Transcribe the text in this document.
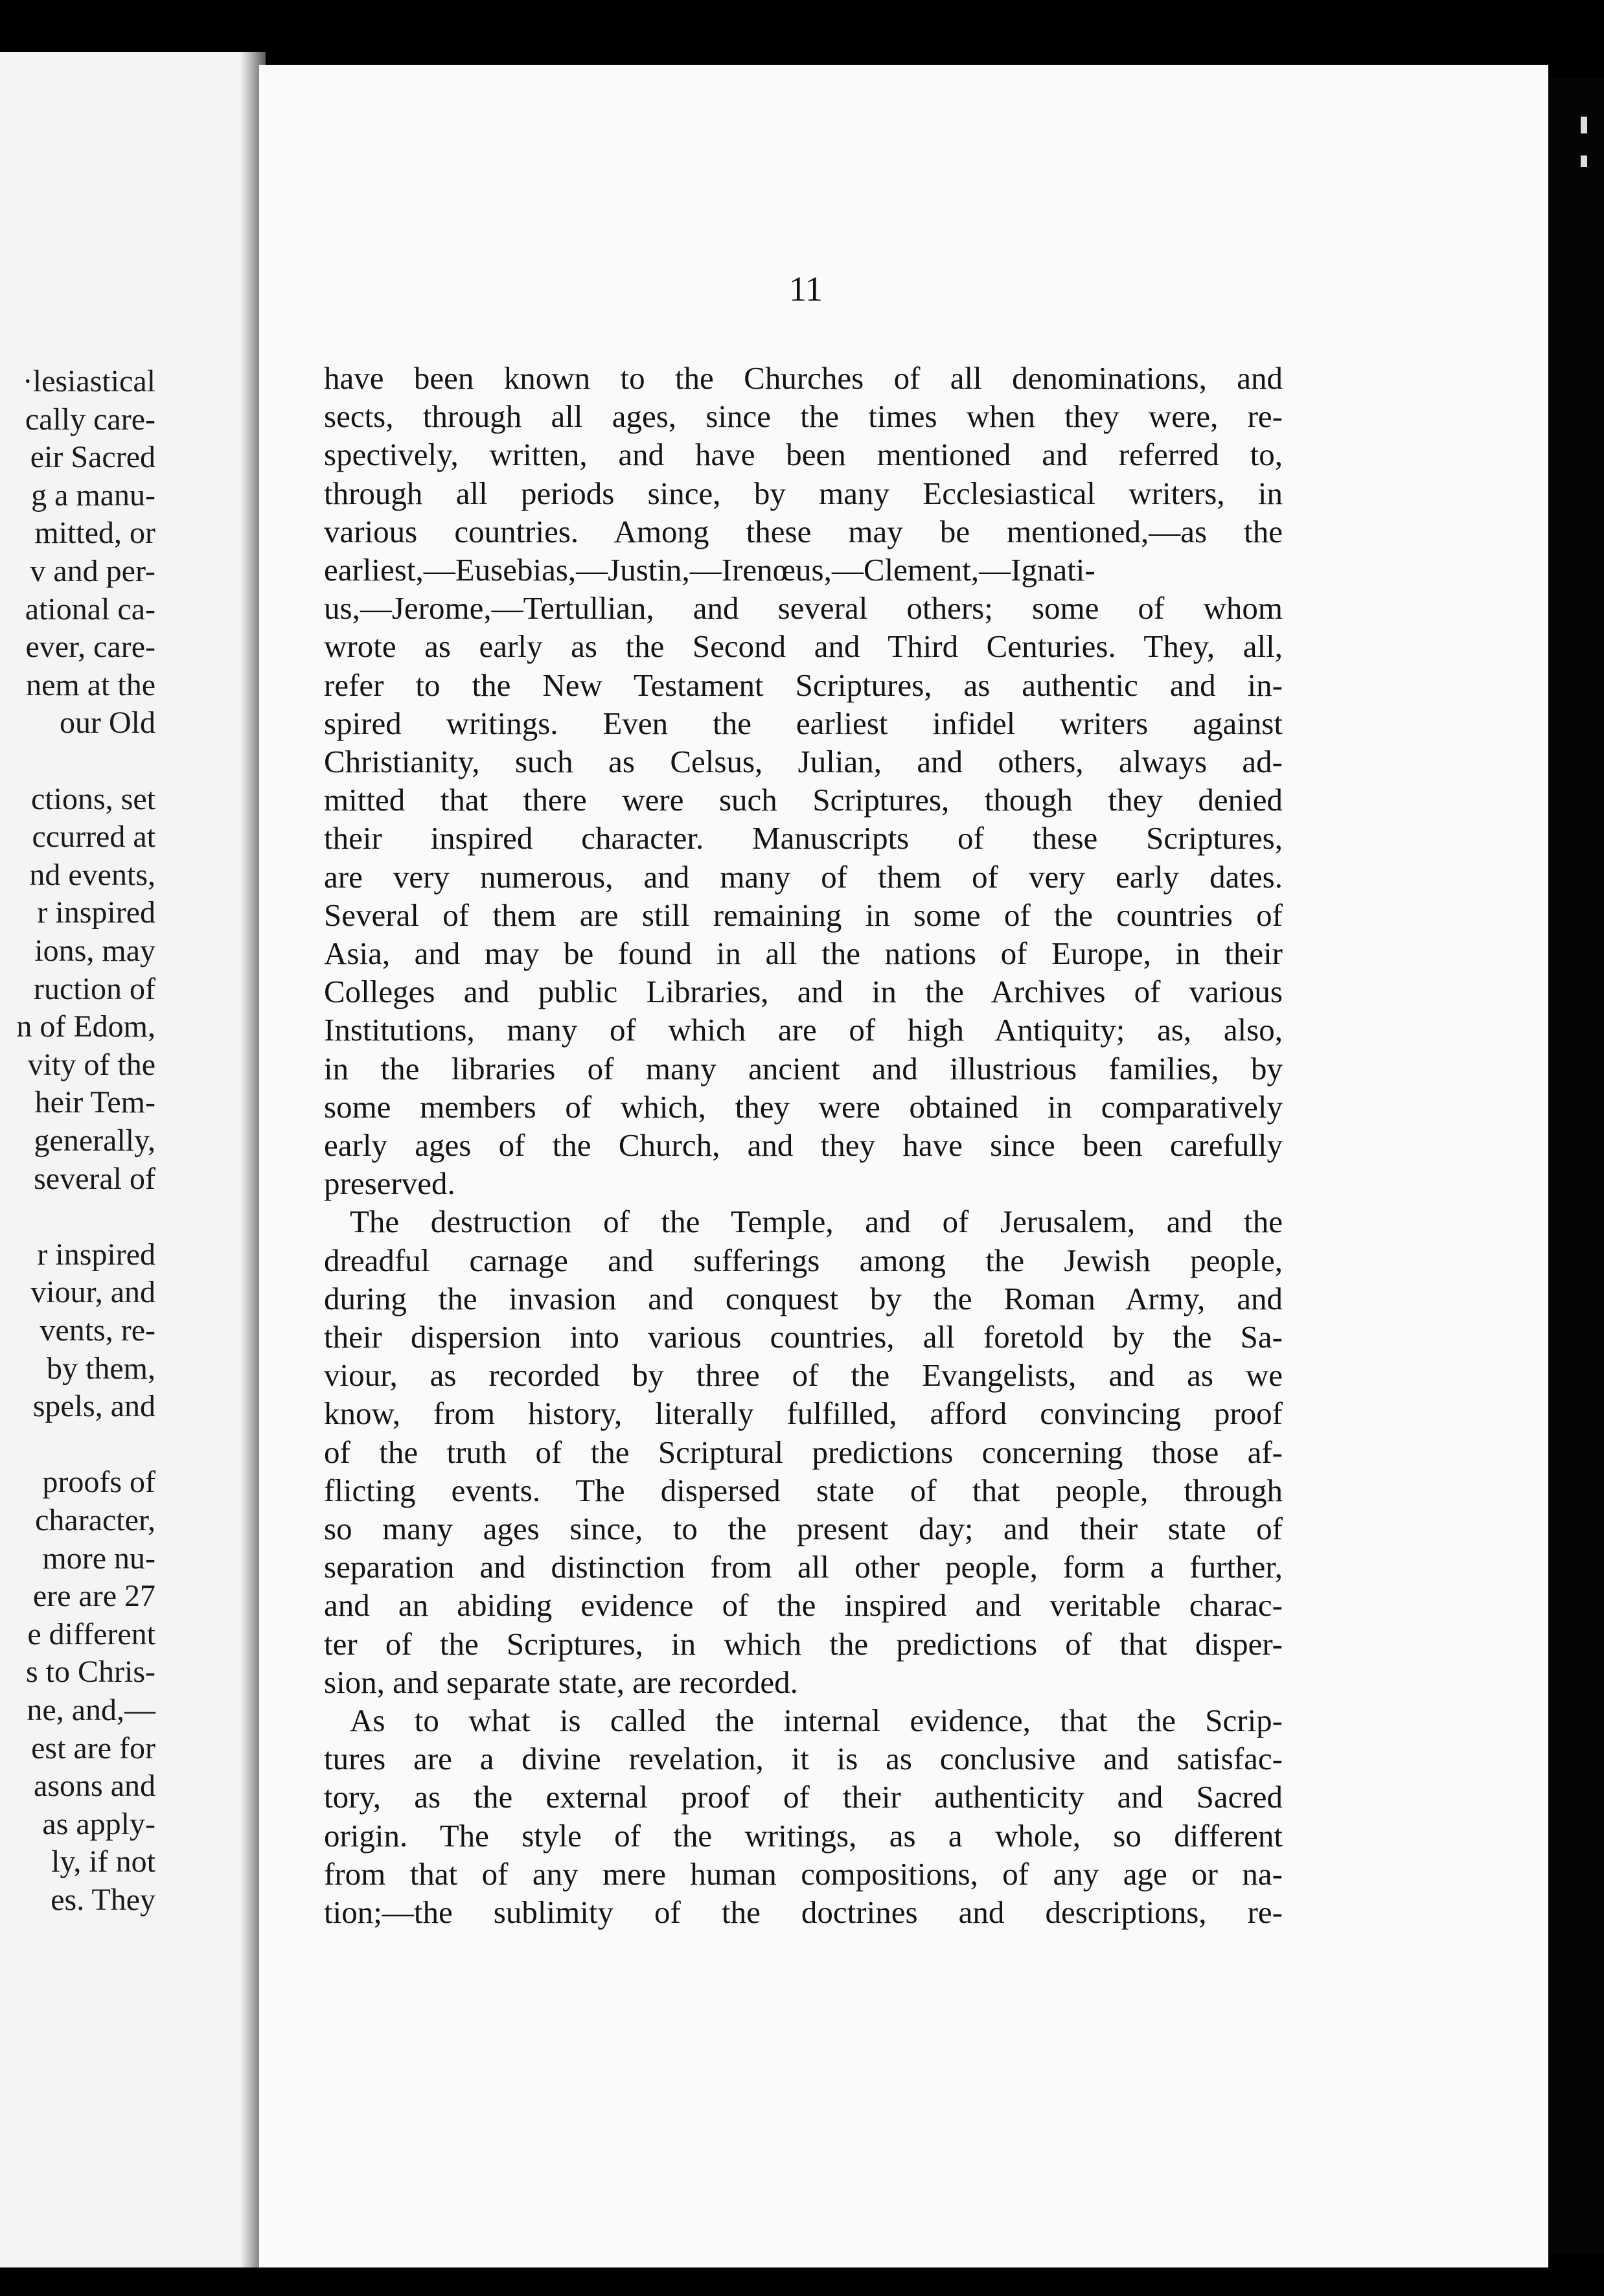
·lesiastical
cally care-
eir Sacred
g a manu-
mitted, or
v and per-
ational ca-
ever, care-
nem at the
our Old
ctions, set
ccurred at
nd events,
r inspired
ions, may
ruction of
n of Edom,
vity of the
heir Tem-
generally,
several of
r inspired
viour, and
vents, re-
by them,
spels, and
proofs of
character,
more nu-
ere are 27
e different
s to Chris-
ne, and,—
est are for
asons and
as apply-
ly, if not
es. They
11
have been known to the Churches of all denominations, and
sects, through all ages, since the times when they were, re-
spectively, written, and have been mentioned and referred to,
through all periods since, by many Ecclesiastical writers, in
various countries. Among these may be mentioned,—as the
earliest,—Eusebias,—Justin,—Irenœus,—Clement,—Ignati-
us,—Jerome,—Tertullian, and several others; some of whom
wrote as early as the Second and Third Centuries. They, all,
refer to the New Testament Scriptures, as authentic and in-
spired writings. Even the earliest infidel writers against
Christianity, such as Celsus, Julian, and others, always ad-
mitted that there were such Scriptures, though they denied
their inspired character. Manuscripts of these Scriptures,
are very numerous, and many of them of very early dates.
Several of them are still remaining in some of the countries of
Asia, and may be found in all the nations of Europe, in their
Colleges and public Libraries, and in the Archives of various
Institutions, many of which are of high Antiquity; as, also,
in the libraries of many ancient and illustrious families, by
some members of which, they were obtained in comparatively
early ages of the Church, and they have since been carefully
preserved.
The destruction of the Temple, and of Jerusalem, and the
dreadful carnage and sufferings among the Jewish people,
during the invasion and conquest by the Roman Army, and
their dispersion into various countries, all foretold by the Sa-
viour, as recorded by three of the Evangelists, and as we
know, from history, literally fulfilled, afford convincing proof
of the truth of the Scriptural predictions concerning those af-
flicting events. The dispersed state of that people, through
so many ages since, to the present day; and their state of
separation and distinction from all other people, form a further,
and an abiding evidence of the inspired and veritable charac-
ter of the Scriptures, in which the predictions of that disper-
sion, and separate state, are recorded.
As to what is called the internal evidence, that the Scrip-
tures are a divine revelation, it is as conclusive and satisfac-
tory, as the external proof of their authenticity and Sacred
origin. The style of the writings, as a whole, so different
from that of any mere human compositions, of any age or na-
tion;—the sublimity of the doctrines and descriptions, re-
